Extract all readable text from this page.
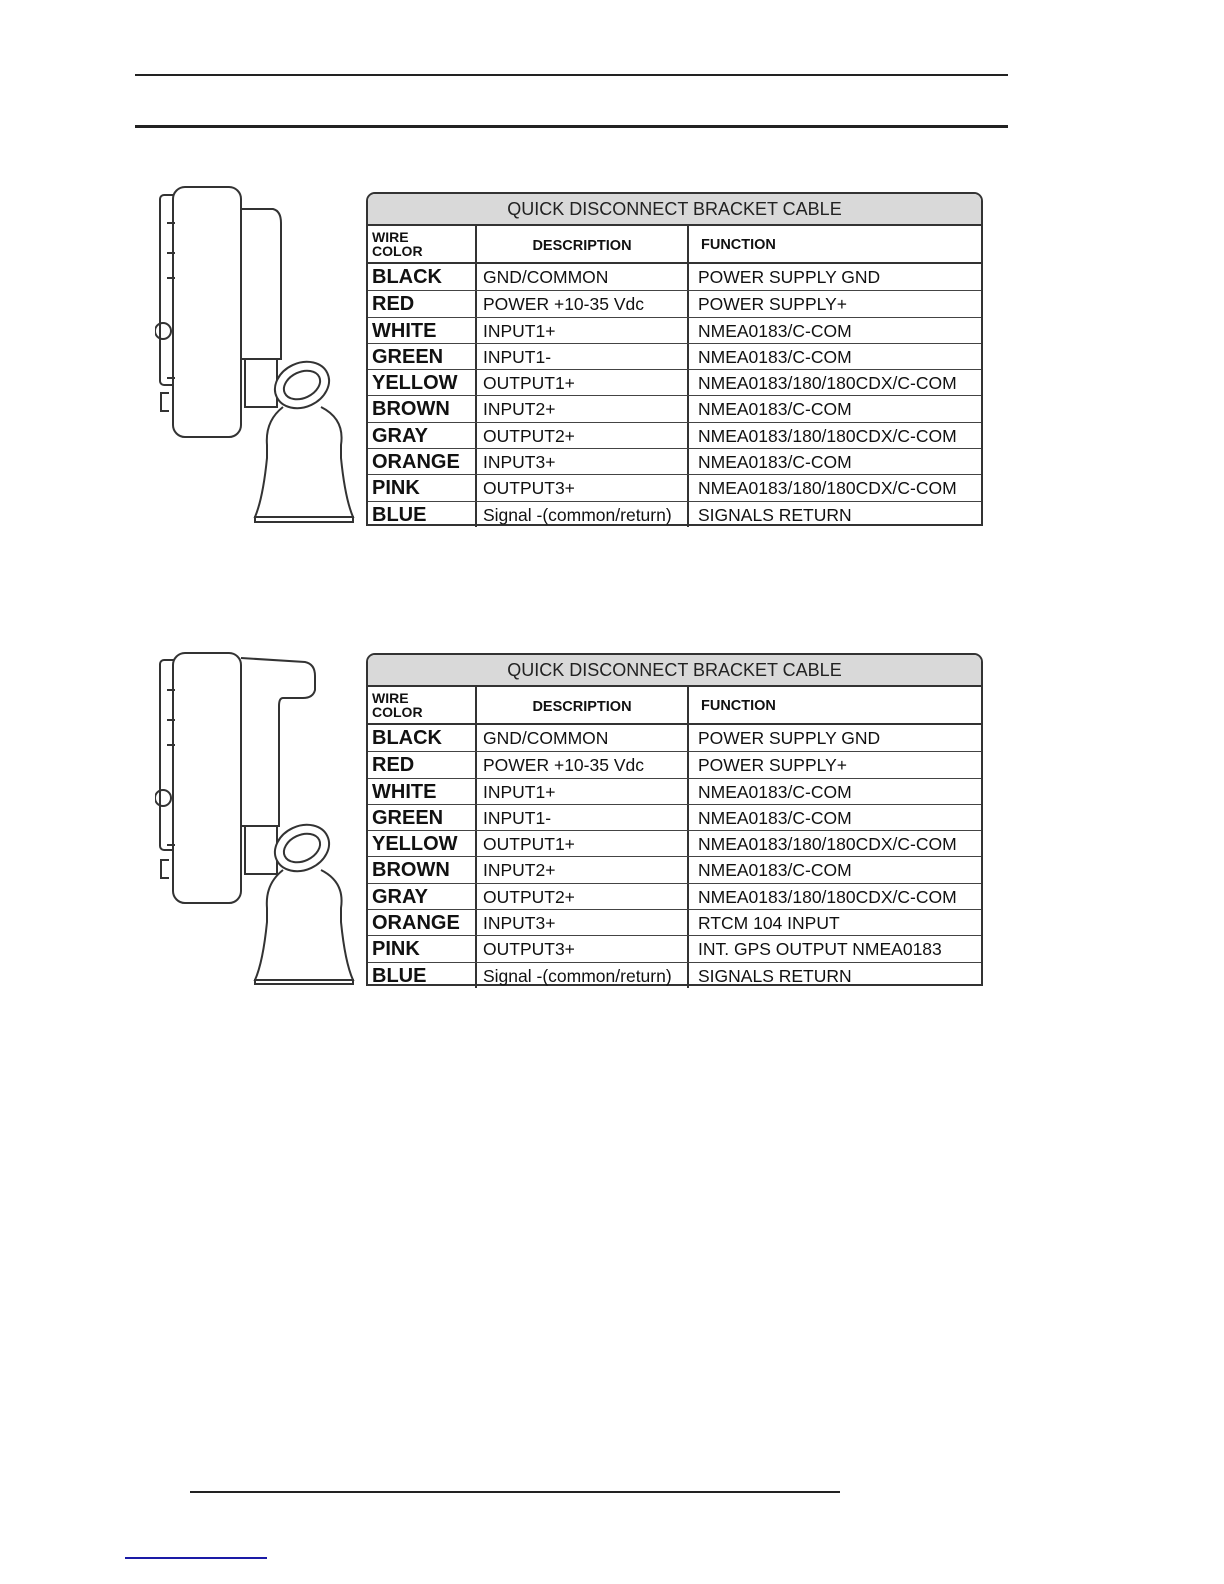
QUICK DISCONNECT BRACKET CABLE
WIRE
COLOR	DESCRIPTION	FUNCTION
BLACK	GND/COMMON	POWER SUPPLY GND
RED	POWER +10-35 Vdc	POWER SUPPLY+
WHITE	INPUT1+	NMEA0183/C-COM
GREEN	INPUT1-	NMEA0183/C-COM
YELLOW	OUTPUT1+	NMEA0183/180/180CDX/C-COM
BROWN	INPUT2+	NMEA0183/C-COM
GRAY	OUTPUT2+	NMEA0183/180/180CDX/C-COM
ORANGE	INPUT3+	NMEA0183/C-COM
PINK	OUTPUT3+	NMEA0183/180/180CDX/C-COM
BLUE	Signal -(common/return)	SIGNALS RETURN
QUICK DISCONNECT BRACKET CABLE
WIRE
COLOR	DESCRIPTION	FUNCTION
BLACK	GND/COMMON	POWER SUPPLY GND
RED	POWER +10-35 Vdc	POWER SUPPLY+
WHITE	INPUT1+	NMEA0183/C-COM
GREEN	INPUT1-	NMEA0183/C-COM
YELLOW	OUTPUT1+	NMEA0183/180/180CDX/C-COM
BROWN	INPUT2+	NMEA0183/C-COM
GRAY	OUTPUT2+	NMEA0183/180/180CDX/C-COM
ORANGE	INPUT3+	RTCM 104 INPUT
PINK	OUTPUT3+	INT. GPS OUTPUT NMEA0183
BLUE	Signal -(common/return)	SIGNALS RETURN
